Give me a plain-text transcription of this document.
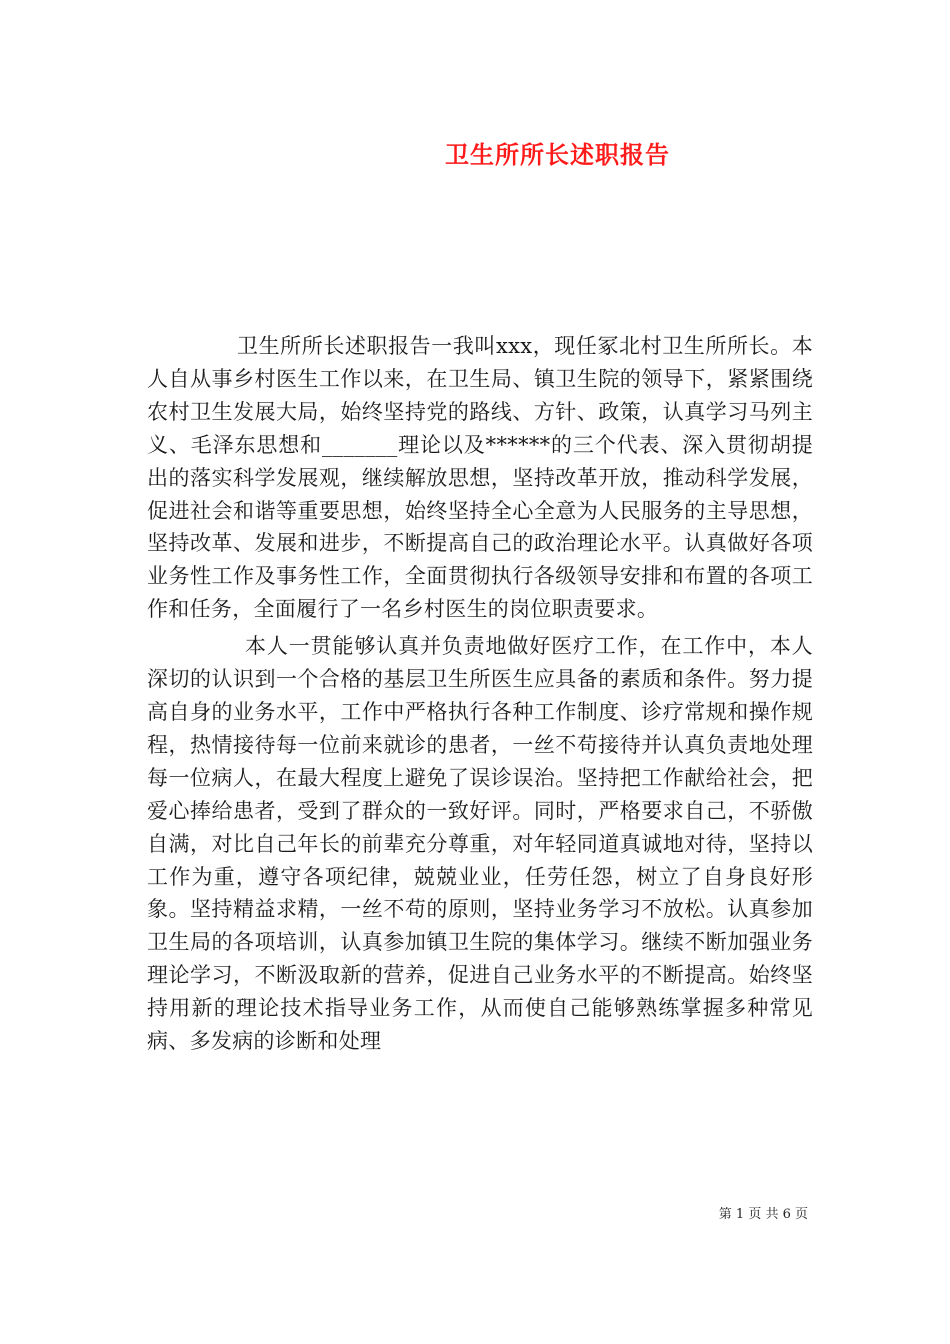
卫生所所长述职报告

卫生所所长述职报告一我叫xxx，现任冢北村卫生所所长。本人自从事乡村医生工作以来，在卫生局、镇卫生院的领导下，紧紧围绕农村卫生发展大局，始终坚持党的路线、方针、政策，认真学习马列主义、毛泽东思想和_______理论以及******的三个代表、深入贯彻胡提出的落实科学发展观，继续解放思想，坚持改革开放，推动科学发展，促进社会和谐等重要思想，始终坚持全心全意为人民服务的主导思想，坚持改革、发展和进步，不断提高自己的政治理论水平。认真做好各项业务性工作及事务性工作，全面贯彻执行各级领导安排和布置的各项工作和任务，全面履行了一名乡村医生的岗位职责要求。

本人一贯能够认真并负责地做好医疗工作，在工作中，本人深切的认识到一个合格的基层卫生所医生应具备的素质和条件。努力提高自身的业务水平，工作中严格执行各种工作制度、诊疗常规和操作规程，热情接待每一位前来就诊的患者，一丝不苟接待并认真负责地处理每一位病人，在最大程度上避免了误诊误治。坚持把工作献给社会，把爱心捧给患者，受到了群众的一致好评。同时，严格要求自己，不骄傲自满，对比自己年长的前辈充分尊重，对年轻同道真诚地对待，坚持以工作为重，遵守各项纪律，兢兢业业，任劳任怨，树立了自身良好形象。坚持精益求精，一丝不苟的原则，坚持业务学习不放松。认真参加卫生局的各项培训，认真参加镇卫生院的集体学习。继续不断加强业务理论学习，不断汲取新的营养，促进自己业务水平的不断提高。始终坚持用新的理论技术指导业务工作，从而使自己能够熟练掌握多种常见病、多发病的诊断和处理

第 1 页 共 6 页
